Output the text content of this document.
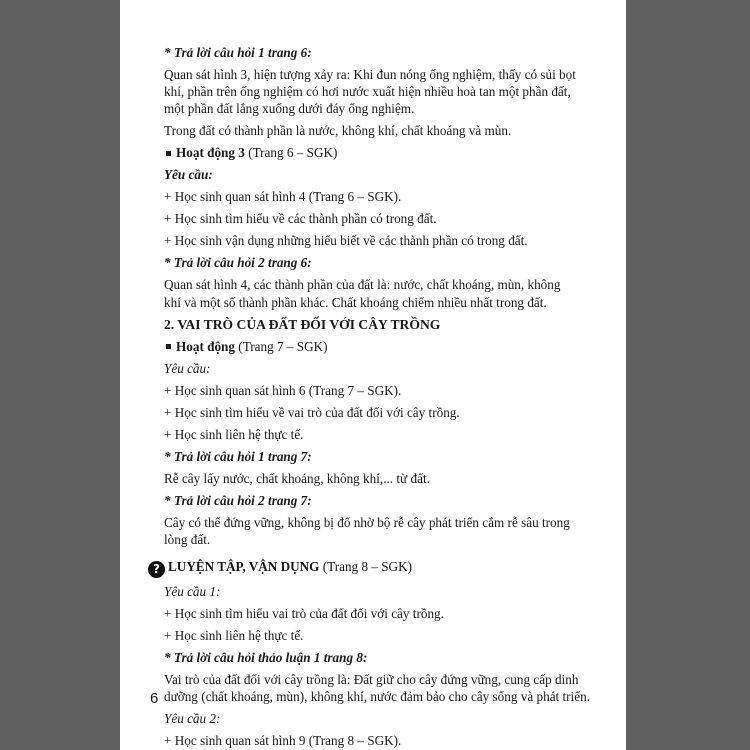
* Trả lời câu hỏi 1 trang 6:
Quan sát hình 3, hiện tượng xảy ra: Khi đun nóng ống nghiệm, thấy có sủi bọt
khí, phần trên ống nghiệm có hơi nước xuất hiện nhiều hoà tan một phần đất,
một phần đất lắng xuống dưới đáy ống nghiệm.
Trong đất có thành phần là nước, không khí, chất khoáng và mùn.
Hoạt động 3 (Trang 6 – SGK)
Yêu cầu:
+ Học sinh quan sát hình 4 (Trang 6 – SGK).
+ Học sinh tìm hiểu về các thành phần có trong đất.
+ Học sinh vận dụng những hiểu biết về các thành phần có trong đất.
* Trả lời câu hỏi 2 trang 6:
Quan sát hình 4, các thành phần của đất là: nước, chất khoáng, mùn, không
khí và một số thành phần khác. Chất khoáng chiếm nhiều nhất trong đất.
2. VAI TRÒ CỦA ĐẤT ĐỐI VỚI CÂY TRỒNG
Hoạt động (Trang 7 – SGK)
Yêu cầu:
+ Học sinh quan sát hình 6 (Trang 7 – SGK).
+ Học sinh tìm hiểu về vai trò của đất đối với cây trồng.
+ Học sinh liên hệ thực tế.
* Trả lời câu hỏi 1 trang 7:
Rễ cây lấy nước, chất khoáng, không khí,... từ đất.
* Trả lời câu hỏi 2 trang 7:
Cây có thể đứng vững, không bị đổ nhờ bộ rễ cây phát triển cắm rễ sâu trong
lòng đất.
? LUYỆN TẬP, VẬN DỤNG (Trang 8 – SGK)
Yêu cầu 1:
+ Học sinh tìm hiểu vai trò của đất đối với cây trồng.
+ Học sinh liên hệ thực tế.
* Trả lời câu hỏi thảo luận 1 trang 8:
Vai trò của đất đối với cây trồng là: Đất giữ cho cây đứng vững, cung cấp dinh
dưỡng (chất khoáng, mùn), không khí, nước đảm bảo cho cây sống và phát triển.
Yêu cầu 2:
+ Học sinh quan sát hình 9 (Trang 8 – SGK).
6
